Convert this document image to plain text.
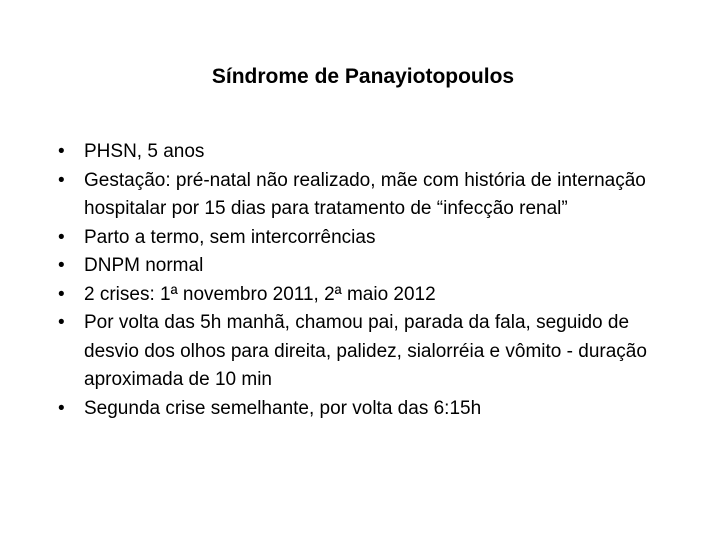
Síndrome de Panayiotopoulos
•	PHSN, 5 anos
•	Gestação: pré-natal não realizado, mãe com história de internação hospitalar por 15 dias para tratamento de “infecção renal”
•	Parto a termo, sem intercorrências
•	DNPM normal
•	2 crises: 1ª novembro 2011, 2ª maio 2012
•	Por volta das 5h manhã, chamou pai, parada da fala, seguido de desvio dos olhos para direita, palidez, sialorréia e vômito - duração aproximada de 10 min
•	Segunda crise semelhante, por volta das 6:15h
